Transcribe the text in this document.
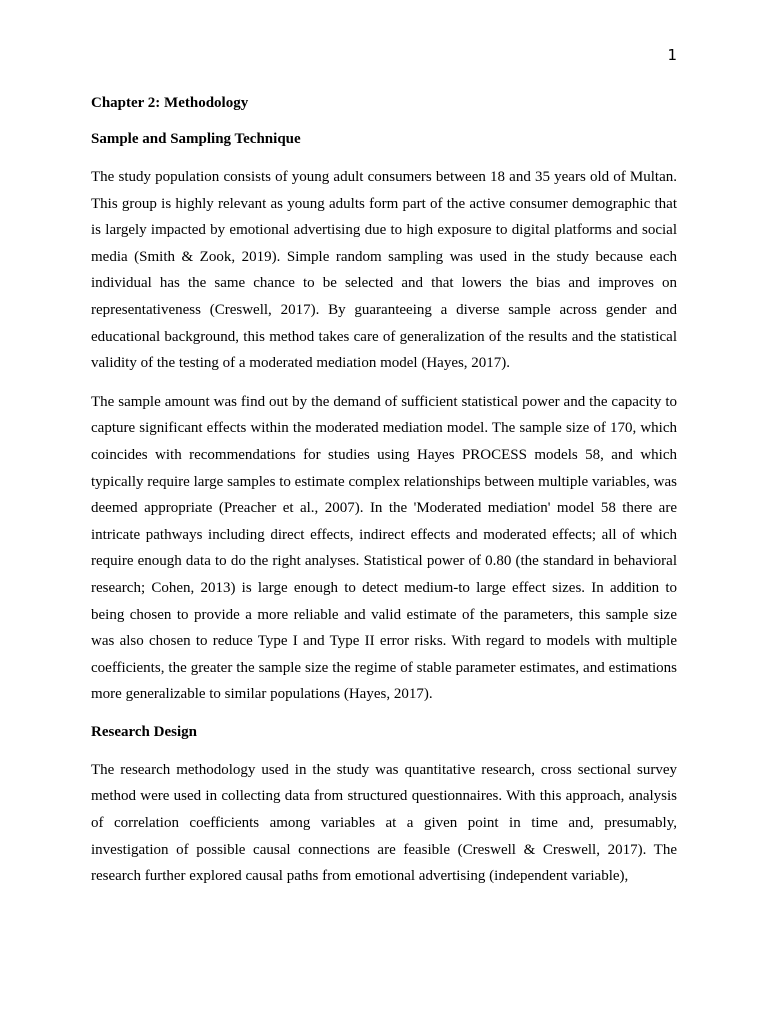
1
Chapter 2: Methodology
Sample and Sampling Technique

The study population consists of young adult consumers between 18 and 35 years old of Multan. This group is highly relevant as young adults form part of the active consumer demographic that is largely impacted by emotional advertising due to high exposure to digital platforms and social media (Smith & Zook, 2019). Simple random sampling was used in the study because each individual has the same chance to be selected and that lowers the bias and improves on representativeness (Creswell, 2017). By guaranteeing a diverse sample across gender and educational background, this method takes care of generalization of the results and the statistical validity of the testing of a moderated mediation model (Hayes, 2017).

The sample amount was find out by the demand of sufficient statistical power and the capacity to capture significant effects within the moderated mediation model. The sample size of 170, which coincides with recommendations for studies using Hayes PROCESS models 58, and which typically require large samples to estimate complex relationships between multiple variables, was deemed appropriate (Preacher et al., 2007). In the 'Moderated mediation' model 58 there are intricate pathways including direct effects, indirect effects and moderated effects; all of which require enough data to do the right analyses. Statistical power of 0.80 (the standard in behavioral research; Cohen, 2013) is large enough to detect medium-to large effect sizes. In addition to being chosen to provide a more reliable and valid estimate of the parameters, this sample size was also chosen to reduce Type I and Type II error risks. With regard to models with multiple coefficients, the greater the sample size the regime of stable parameter estimates, and estimations more generalizable to similar populations (Hayes, 2017).

Research Design

The research methodology used in the study was quantitative research, cross sectional survey method were used in collecting data from structured questionnaires. With this approach, analysis of correlation coefficients among variables at a given point in time and, presumably, investigation of possible causal connections are feasible (Creswell & Creswell, 2017). The research further explored causal paths from emotional advertising (independent variable),
